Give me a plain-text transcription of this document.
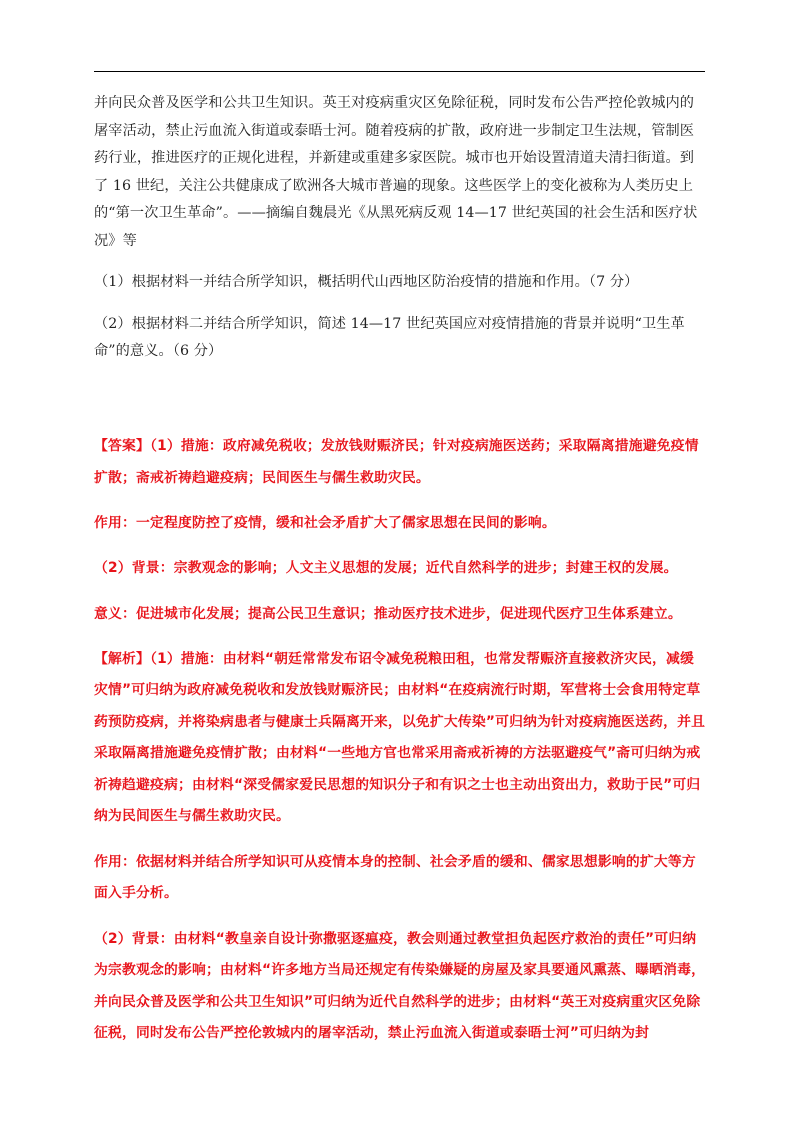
并向民众普及医学和公共卫生知识。英王对疫病重灾区免除征税，同时发布公告严控伦敦城内的屠宰活动，禁止污血流入街道或泰晤士河。随着疫病的扩散，政府进一步制定卫生法规，管制医药行业，推进医疗的正规化进程，并新建或重建多家医院。城市也开始设置清道夫清扫街道。到了 16 世纪，关注公共健康成了欧洲各大城市普遍的现象。这些医学上的变化被称为人类历史上的“第一次卫生革命”。——摘编自魏晨光《从黑死病反观 14—17 世纪英国的社会生活和医疗状况》等

（1）根据材料一并结合所学知识，概括明代山西地区防治疫情的措施和作用。（7 分）

（2）根据材料二并结合所学知识，简述 14—17 世纪英国应对疫情措施的背景并说明“卫生革命”的意义。（6 分）

【答案】（1）措施：政府减免税收；发放钱财赈济民；针对疫病施医送药；采取隔离措施避免疫情扩散；斋戒祈祷趋避疫病；民间医生与儒生救助灾民。

作用：一定程度防控了疫情，缓和社会矛盾扩大了儒家思想在民间的影响。

（2）背景：宗教观念的影响；人文主义思想的发展；近代自然科学的进步；封建王权的发展。

意义：促进城市化发展；提高公民卫生意识；推动医疗技术进步，促进现代医疗卫生体系建立。

【解析】（1）措施：由材料“朝廷常常发布诏令减免税粮田租，也常发帮赈济直接救济灾民，减缓灾情”可归纳为政府减免税收和发放钱财赈济民；由材料“在疫病流行时期，军营将士会食用特定草药预防疫病，并将染病患者与健康士兵隔离开来，以免扩大传染”可归纳为针对疫病施医送药，并且采取隔离措施避免疫情扩散；由材料“一些地方官也常采用斋戒祈祷的方法驱避疫气”斋可归纳为戒祈祷趋避疫病；由材料“深受儒家爱民思想的知识分子和有识之士也主动出资出力，救助于民”可归纳为民间医生与儒生救助灾民。

作用：依据材料并结合所学知识可从疫情本身的控制、社会矛盾的缓和、儒家思想影响的扩大等方面入手分析。

（2）背景：由材料“教皇亲自设计弥撒驱逐瘟疫，教会则通过教堂担负起医疗救治的责任”可归纳为宗教观念的影响；由材料“许多地方当局还规定有传染嫌疑的房屋及家具要通风熏蒸、曝晒消毒，并向民众普及医学和公共卫生知识”可归纳为近代自然科学的进步；由材料“英王对疫病重灾区免除征税，同时发布公告严控伦敦城内的屠宰活动，禁止污血流入街道或泰晤士河”可归纳为封
